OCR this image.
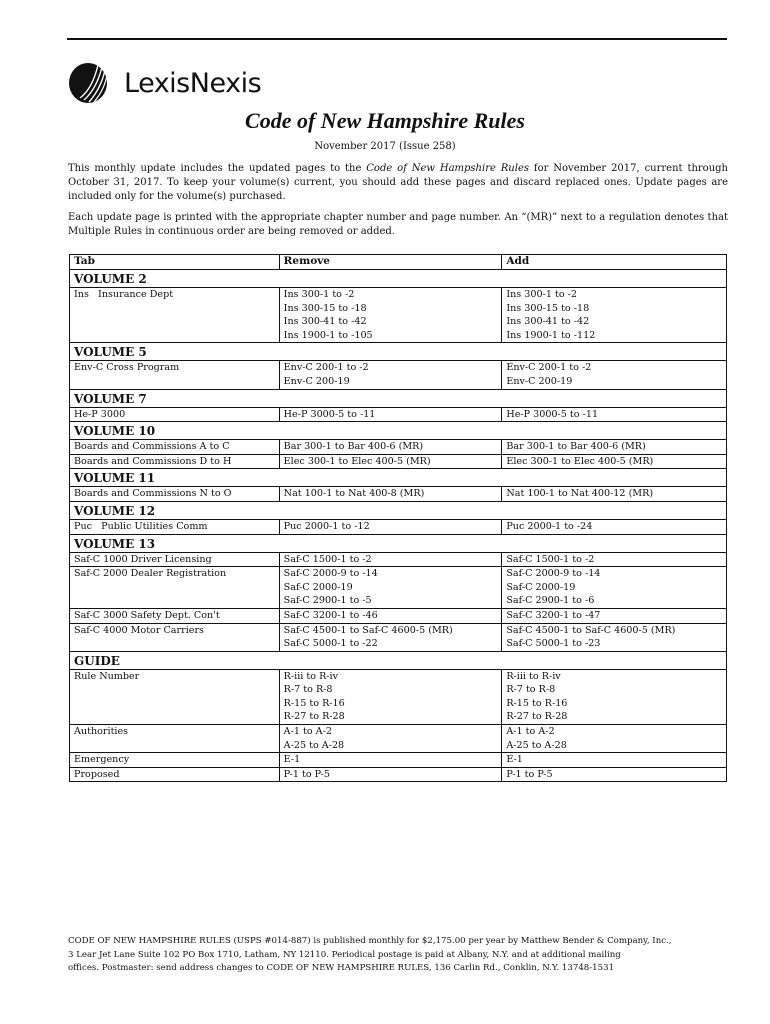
LexisNexis
Code of New Hampshire Rules
November 2017 (Issue 258)
This monthly update includes the updated pages to the Code of New Hampshire Rules for November 2017, current through October 31, 2017. To keep your volume(s) current, you should add these pages and discard replaced ones. Update pages are included only for the volume(s) purchased.
Each update page is printed with the appropriate chapter number and page number. An “(MR)” next to a regulation denotes that Multiple Rules in continuous order are being removed or added.
Tab	Remove	Add
VOLUME 2		
Ins   Insurance Dept	Ins 300-1 to -2
Ins 300-15 to -18
Ins 300-41 to -42
Ins 1900-1 to -105	Ins 300-1 to -2
Ins 300-15 to -18
Ins 300-41 to -42
Ins 1900-1 to -112

VOLUME 5		
Env-C Cross Program	Env-C 200-1 to -2
Env-C 200-19	Env-C 200-1 to -2
Env-C 200-19

VOLUME 7		
He-P 3000	He-P 3000-5 to -11	He-P 3000-5 to -11

VOLUME 10		
Boards and Commissions A to C	Bar 300-1 to Bar 400-6 (MR)	Bar 300-1 to Bar 400-6 (MR)

Boards and Commissions D to H	Elec 300-1 to Elec 400-5 (MR)	Elec 300-1 to Elec 400-5 (MR)

VOLUME 11		
Boards and Commissions N to O	Nat 100-1 to Nat 400-8 (MR)	Nat 100-1 to Nat 400-12 (MR)

VOLUME 12		
Puc   Public Utilities Comm	Puc 2000-1 to -12	Puc 2000-1 to -24

VOLUME 13		
Saf-C 1000 Driver Licensing	Saf-C 1500-1 to -2	Saf-C 1500-1 to -2

Saf-C 2000 Dealer Registration	Saf-C 2000-9 to -14
Saf-C 2000-19
Saf-C 2900-1 to -5	Saf-C 2000-9 to -14
Saf-C 2000-19
Saf-C 2900-1 to -6

Saf-C 3000 Safety Dept. Con't	Saf-C 3200-1 to -46	Saf-C 3200-1 to -47

Saf-C 4000 Motor Carriers	Saf-C 4500-1 to Saf-C 4600-5 (MR)
Saf-C 5000-1 to -22	Saf-C 4500-1 to Saf-C 4600-5 (MR)
Saf-C 5000-1 to -23

GUIDE		
Rule Number	R-iii to R-iv
R-7 to R-8
R-15 to R-16
R-27 to R-28	R-iii to R-iv
R-7 to R-8
R-15 to R-16
R-27 to R-28

Authorities	A-1 to A-2
A-25 to A-28	A-1 to A-2
A-25 to A-28

Emergency	E-1	E-1

Proposed	P-1 to P-5	P-1 to P-5
CODE OF NEW HAMPSHIRE RULES (USPS #014-887) is published monthly for $2,175.00 per year by Matthew Bender & Company, Inc.,
3 Lear Jet Lane Suite 102 PO Box 1710, Latham, NY 12110. Periodical postage is paid at Albany, N.Y. and at additional mailing
offices. Postmaster: send address changes to CODE OF NEW HAMPSHIRE RULES, 136 Carlin Rd., Conklin, N.Y. 13748-1531
